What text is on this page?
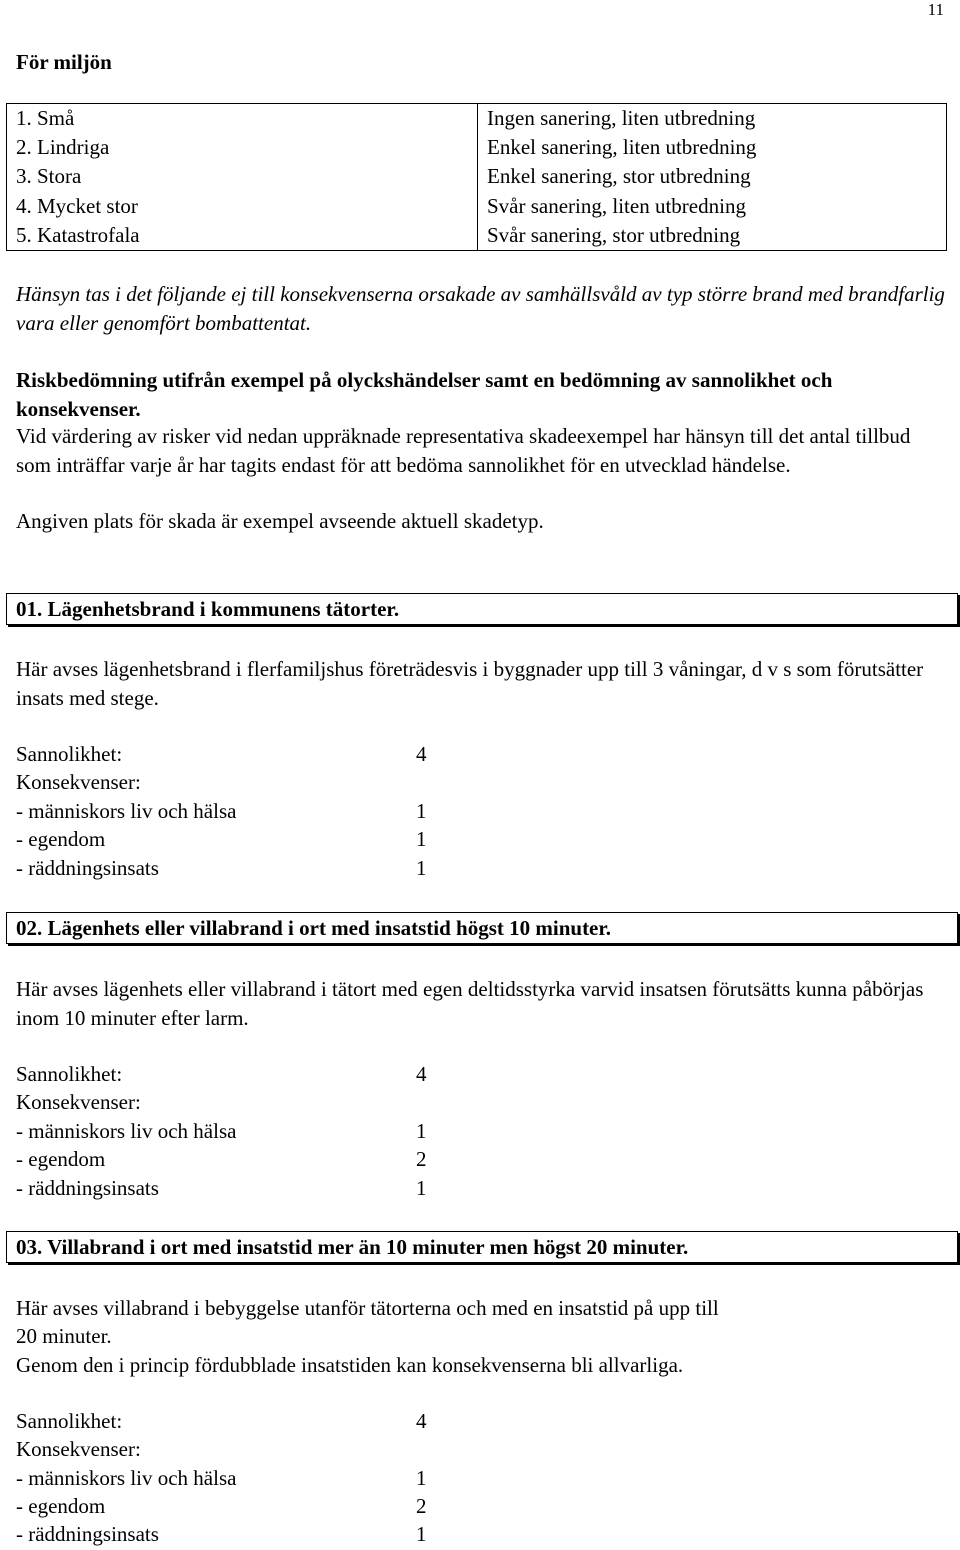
11
För miljön
1. Små	Ingen sanering, liten utbredning
2. Lindriga	Enkel sanering, liten utbredning
3. Stora	Enkel sanering, stor utbredning
4. Mycket stor	Svår sanering, liten utbredning
5. Katastrofala	Svår sanering, stor utbredning
Hänsyn tas i det följande ej till konsekvenserna orsakade av samhällsvåld av typ större brand med brandfarlig vara eller genomfört bombattentat.
Riskbedömning utifrån exempel på olyckshändelser samt en bedömning av sannolikhet och konsekvenser.
Vid värdering av risker vid nedan uppräknade representativa skadeexempel har hänsyn till det antal tillbud som inträffar varje år har tagits endast för att bedöma sannolikhet för en utvecklad händelse.
Angiven plats för skada är exempel avseende aktuell skadetyp.
01. Lägenhetsbrand i kommunens tätorter.
Här avses lägenhetsbrand i flerfamiljshus företrädesvis i byggnader upp till 3 våningar, d v s som förutsätter insats med stege.
Sannolikhet:	4
Konsekvenser:
- människors liv och hälsa	1
- egendom	1
- räddningsinsats	1
02. Lägenhets eller villabrand i ort med insatstid högst 10 minuter.
Här avses lägenhets eller villabrand i tätort med egen deltidsstyrka varvid insatsen förutsätts kunna påbörjas inom 10 minuter efter larm.
Sannolikhet:	4
Konsekvenser:
- människors liv och hälsa	1
- egendom	2
- räddningsinsats	1
03. Villabrand i ort med insatstid mer än 10 minuter men högst 20 minuter.
Här avses villabrand i bebyggelse utanför tätorterna och med en insatstid på upp till
20 minuter.
Genom den i princip fördubblade insatstiden kan konsekvenserna bli allvarliga.
Sannolikhet:	4
Konsekvenser:
- människors liv och hälsa	1
- egendom	2
- räddningsinsats	1
